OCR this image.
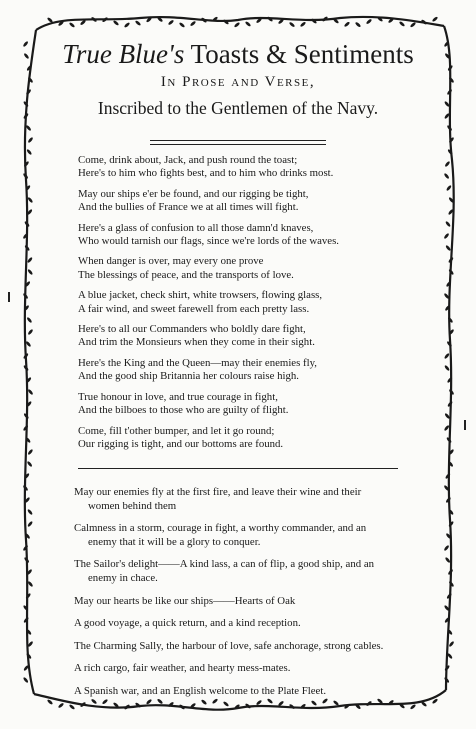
True Blue's Toasts & Sentiments
In Prose and Verse,
Inscribed to the Gentlemen of the Navy.
Come, drink about, Jack, and push round the toast;
Here's to him who fights best, and to him who drinks most.
May our ships e'er be found, and our rigging be tight,
And the bullies of France we at all times will fight.
Here's a glass of confusion to all those damn'd knaves,
Who would tarnish our flags, since we're lords of the waves.
When danger is over, may every one prove
The blessings of peace, and the transports of love.
A blue jacket, check shirt, white trowsers, flowing glass,
A fair wind, and sweet farewell from each pretty lass.
Here's to all our Commanders who boldly dare fight,
And trim the Monsieurs when they come in their sight.
Here's the King and the Queen—may their enemies fly,
And the good ship Britannia her colours raise high.
True honour in love, and true courage in fight,
And the bilboes to those who are guilty of flight.
Come, fill t'other bumper, and let it go round;
Our rigging is tight, and our bottoms are found.
May our enemies fly at the first fire, and leave their wine and their
women behind them
Calmness in a storm, courage in fight, a worthy commander, and an
enemy that it will be a glory to conquer.
The Sailor's delight——A kind lass, a can of flip, a good ship, and an
enemy in chace.
May our hearts be like our ships——Hearts of Oak
A good voyage, a quick return, and a kind reception.
The Charming Sally, the harbour of love, safe anchorage, strong cables.
A rich cargo, fair weather, and hearty mess-mates.
A Spanish war, and an English welcome to the Plate Fleet.
